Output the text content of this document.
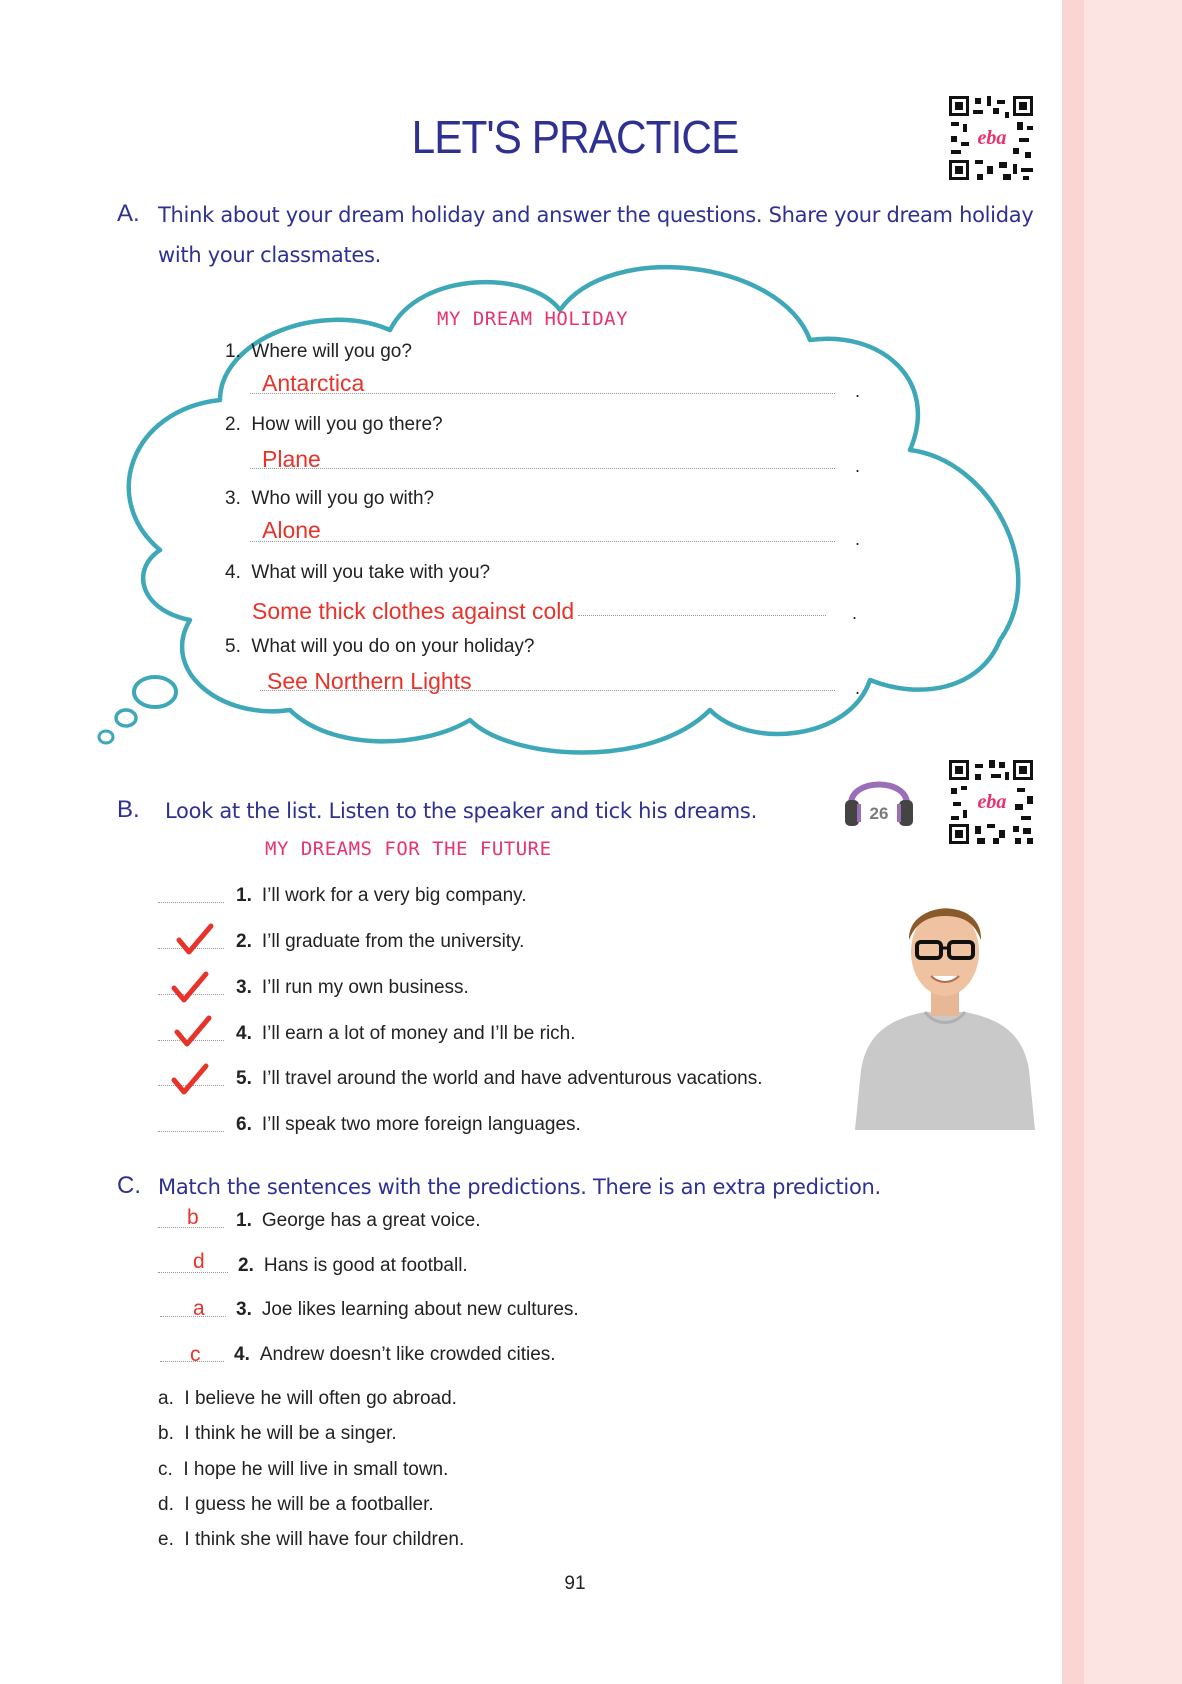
LET'S PRACTICE	eba
A. Think about your dream holiday and answer the questions. Share your dream holiday
with your classmates.
MY DREAM HOLIDAY
1. Where will you go?
Antarctica	.
2. How will you go there?
Plane	.
3. Who will you go with?
Alone	.
4. What will you take with you?
Some thick clothes against cold	.
5. What will you do on your holiday?
See Northern Lights	.
B. Look at the list. Listen to the speaker and tick his dreams.	26
eba
MY DREAMS FOR THE FUTURE
1. I’ll work for a very big company.
2. I’ll graduate from the university.
3. I’ll run my own business.
4. I’ll earn a lot of money and I’ll be rich.
5. I’ll travel around the world and have adventurous vacations.
6. I’ll speak two more foreign languages.
C. Match the sentences with the predictions. There is an extra prediction.
b 1. George has a great voice.
d 2. Hans is good at football.
a 3. Joe likes learning about new cultures.
c 4. Andrew doesn’t like crowded cities.
a. I believe he will often go abroad.
b. I think he will be a singer.
c. I hope he will live in small town.
d. I guess he will be a footballer.
e. I think she will have four children.
91
